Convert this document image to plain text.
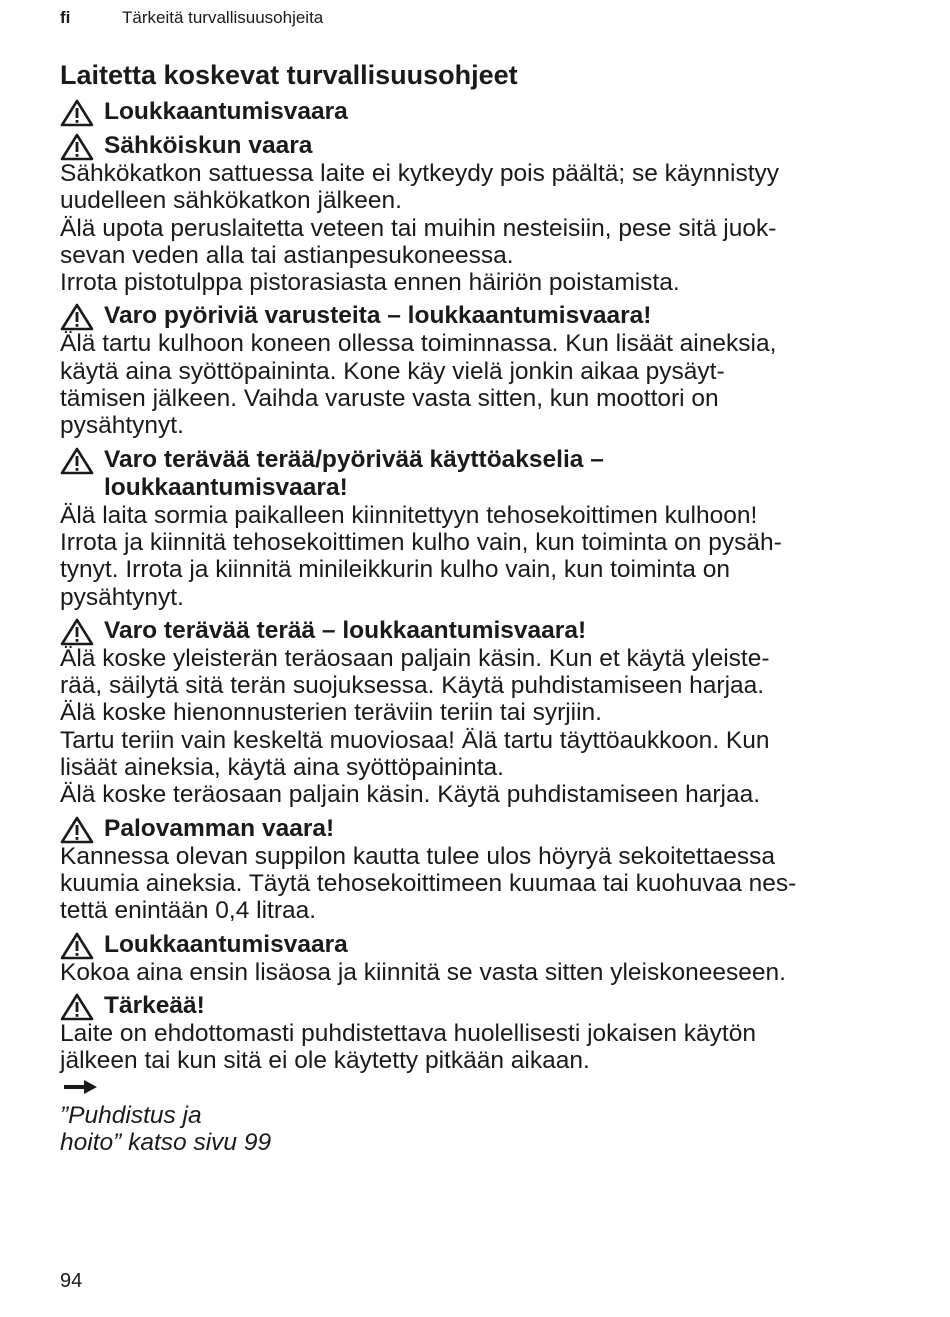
fi	Tärkeitä turvallisuusohjeita
Laitetta koskevat turvallisuusohjeet
Loukkaantumisvaara
Sähköiskun vaara

Sähkökatkon sattuessa laite ei kytkeydy pois päältä; se käynnistyy
uudelleen sähkökatkon jälkeen.
Älä upota peruslaitetta veteen tai muihin nesteisiin, pese sitä juok-
sevan veden alla tai astianpesukoneessa.
Irrota pistotulppa pistorasiasta ennen häiriön poistamista.

Varo pyöriviä varusteita – loukkaantumisvaara!

Älä tartu kulhoon koneen ollessa toiminnassa. Kun lisäät aineksia,
käytä aina syöttöpaininta. Kone käy vielä jonkin aikaa pysäyt-
tämisen jälkeen. Vaihda varuste vasta sitten, kun moottori on
pysähtynyt.

Varo terävää terää/pyörivää käyttöakselia –
loukkaantumisvaara!

Älä laita sormia paikalleen kiinnitettyyn tehosekoittimen kulhoon!
Irrota ja kiinnitä tehosekoittimen kulho vain, kun toiminta on pysäh-
tynyt. Irrota ja kiinnitä minileikkurin kulho vain, kun toiminta on
pysähtynyt.

Varo terävää terää – loukkaantumisvaara!

Älä koske yleisterän teräosaan paljain käsin. Kun et käytä yleiste-
rää, säilytä sitä terän suojuksessa. Käytä puhdistamiseen harjaa.
Älä koske hienonnusterien teräviin teriin tai syrjiin.
Tartu teriin vain keskeltä muoviosaa! Älä tartu täyttöaukkoon. Kun
lisäät aineksia, käytä aina syöttöpaininta.
Älä koske teräosaan paljain käsin. Käytä puhdistamiseen harjaa.

Palovamman vaara!

Kannessa olevan suppilon kautta tulee ulos höyryä sekoitettaessa
kuumia aineksia. Täytä tehosekoittimeen kuumaa tai kuohuvaa nes-
tettä enintään 0,4 litraa.

Loukkaantumisvaara

Kokoa aina ensin lisäosa ja kiinnitä se vasta sitten yleiskoneeseen.

Tärkeää!

Laite on ehdottomasti puhdistettava huolellisesti jokaisen käytön
jälkeen tai kun sitä ei ole käytetty pitkään aikaan.
”Puhdistus ja
hoito” katso sivu 99

94
